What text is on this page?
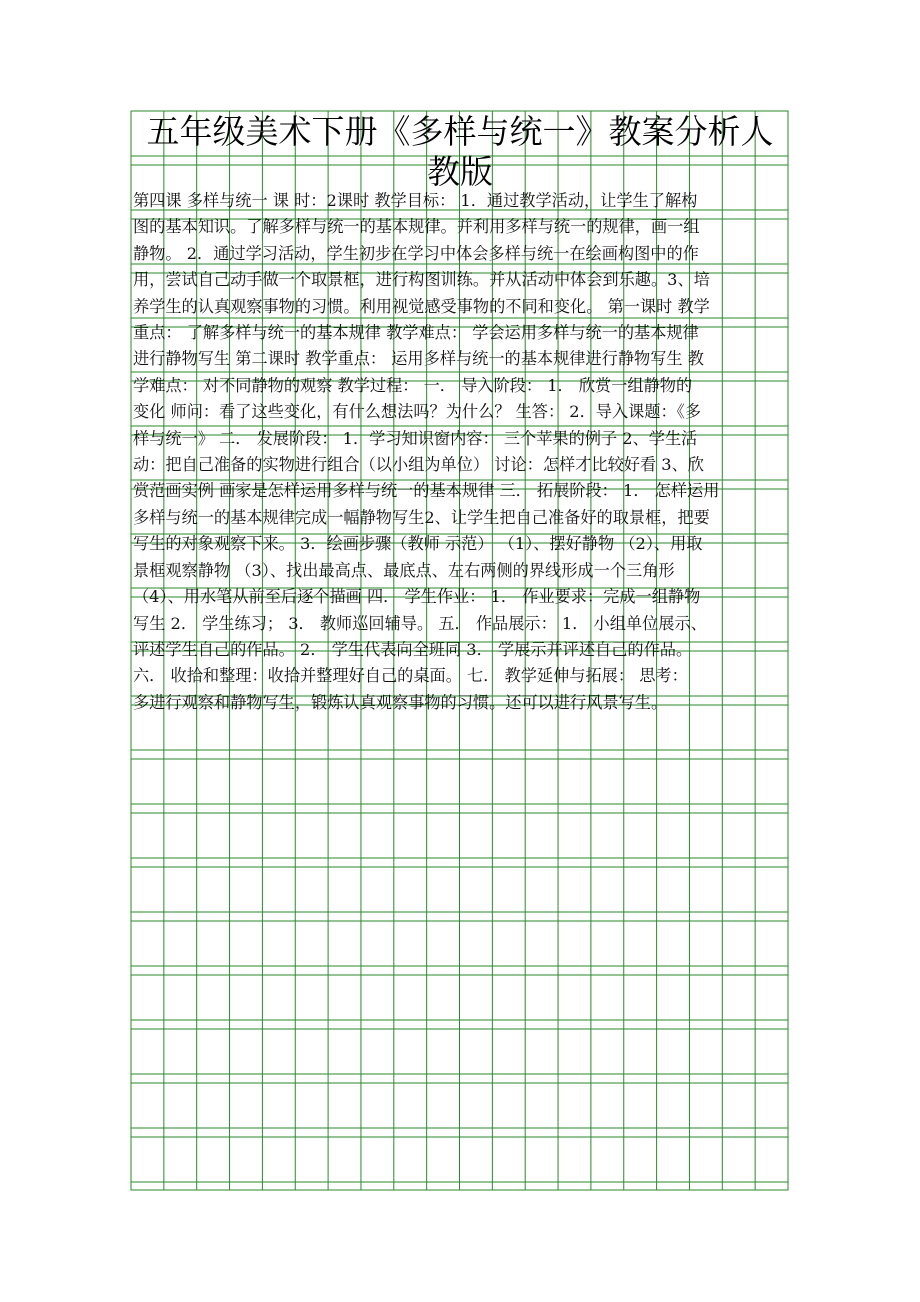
五年级美术下册《多样与统一》教案分析人
教版
第四课 多样与统一 课 时：2课时 教学目标： 1．通过教学活动，让学生了解构
图的基本知识。了解多样与统一的基本规律。并利用多样与统一的规律，画一组
静物。 2．通过学习活动，学生初步在学习中体会多样与统一在绘画构图中的作
用，尝试自己动手做一个取景框，进行构图训练。并从活动中体会到乐趣。3、培
养学生的认真观察事物的习惯。利用视觉感受事物的不同和变化。 第一课时 教学
重点： 了解多样与统一的基本规律 教学难点： 学会运用多样与统一的基本规律
进行静物写生 第二课时 教学重点： 运用多样与统一的基本规律进行静物写生 教
学难点： 对不同静物的观察 教学过程： 一． 导入阶段： 1． 欣赏一组静物的
变化 师问：看了这些变化，有什么想法吗？为什么？ 生答： 2．导入课题：《多
样与统一》 二． 发展阶段： 1．学习知识窗内容： 三个苹果的例子 2、学生活
动：把自己准备的实物进行组合（以小组为单位） 讨论：怎样才比较好看 3、欣
赏范画实例 画家是怎样运用多样与统一的基本规律 三． 拓展阶段： 1． 怎样运用
多样与统一的基本规律完成一幅静物写生2、让学生把自己准备好的取景框，把要
写生的对象观察下来。 3．绘画步骤（教师 示范） （1）、摆好静物 （2）、用取
景框观察静物 （3）、找出最高点、最底点、左右两侧的界线形成一个三角形
（4）、用水笔从前至后逐个描画 四． 学生作业： 1． 作业要求：完成一组静物
写生 2． 学生练习； 3． 教师巡回辅导。 五． 作品展示： 1． 小组单位展示、
评述学生自己的作品。 2． 学生代表向全班同 3． 学展示并评述自己的作品。
六． 收拾和整理：收拾并整理好自己的桌面。 七． 教学延伸与拓展： 思考：
多进行观察和静物写生，锻炼认真观察事物的习惯。还可以进行风景写生。
